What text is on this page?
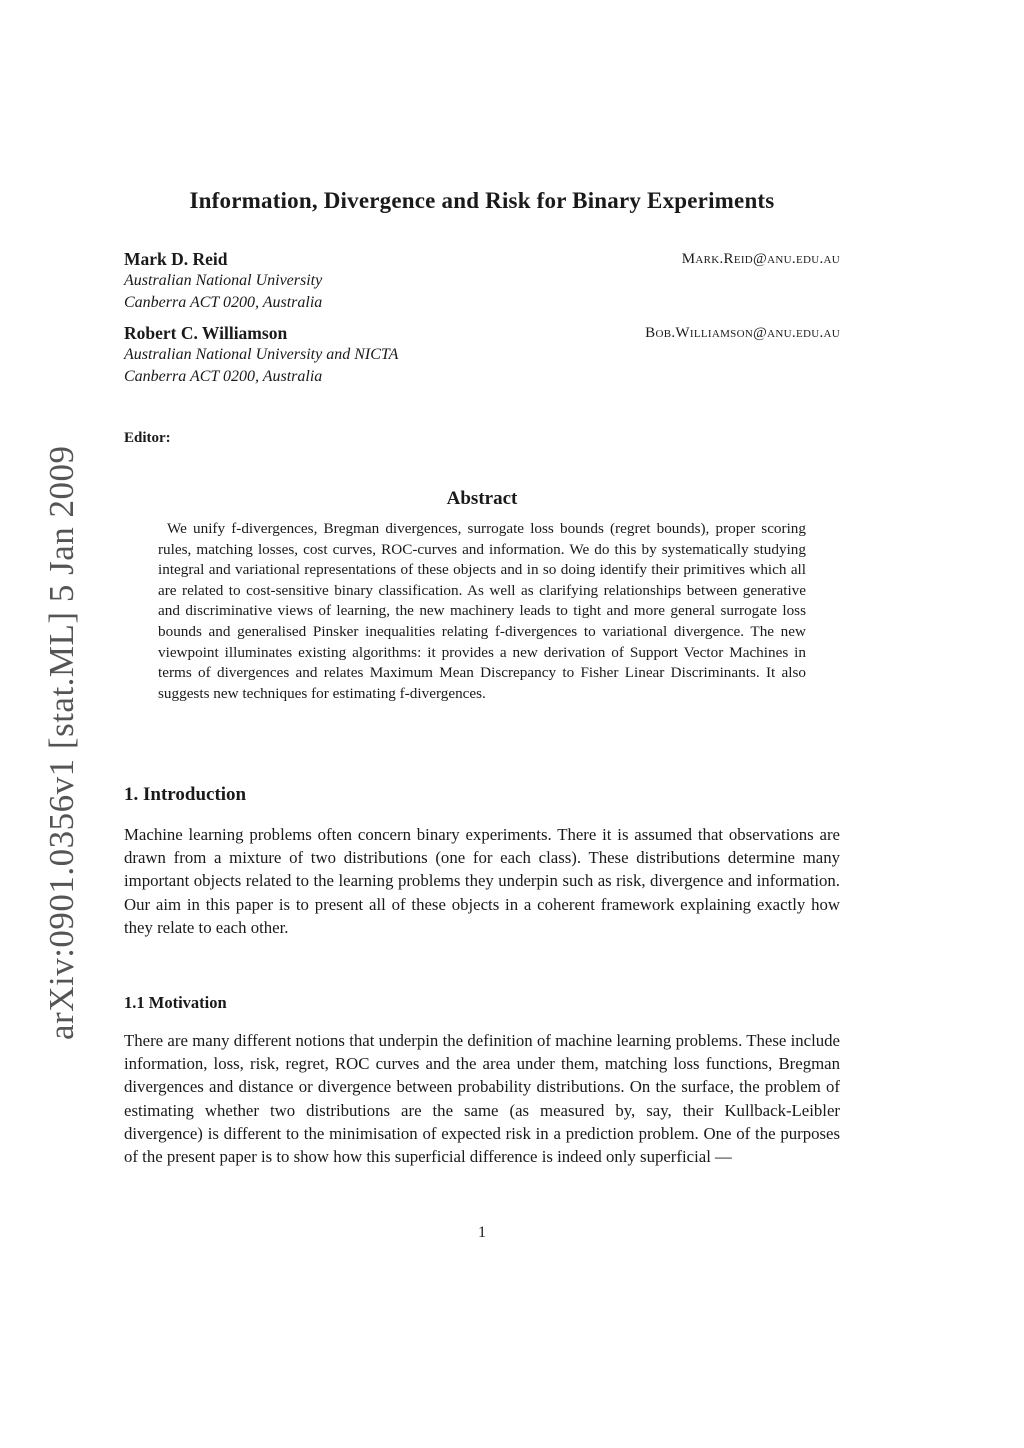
arXiv:0901.0356v1 [stat.ML] 5 Jan 2009
Information, Divergence and Risk for Binary Experiments
Mark D. Reid	Mark.Reid@anu.edu.au
Australian National University
Canberra ACT 0200, Australia
Robert C. Williamson	Bob.Williamson@anu.edu.au
Australian National University and NICTA
Canberra ACT 0200, Australia
Editor:
Abstract
We unify f-divergences, Bregman divergences, surrogate loss bounds (regret bounds), proper scoring rules, matching losses, cost curves, ROC-curves and information. We do this by systematically studying integral and variational representations of these objects and in so doing identify their primitives which all are related to cost-sensitive binary classification. As well as clarifying relationships between generative and discriminative views of learning, the new machinery leads to tight and more general surrogate loss bounds and generalised Pinsker inequalities relating f-divergences to variational divergence. The new viewpoint illuminates existing algorithms: it provides a new derivation of Support Vector Machines in terms of divergences and relates Maximum Mean Discrepancy to Fisher Linear Discriminants. It also suggests new techniques for estimating f-divergences.
1. Introduction
Machine learning problems often concern binary experiments. There it is assumed that observations are drawn from a mixture of two distributions (one for each class). These distributions determine many important objects related to the learning problems they underpin such as risk, divergence and information. Our aim in this paper is to present all of these objects in a coherent framework explaining exactly how they relate to each other.
1.1 Motivation
There are many different notions that underpin the definition of machine learning problems. These include information, loss, risk, regret, ROC curves and the area under them, matching loss functions, Bregman divergences and distance or divergence between probability distributions. On the surface, the problem of estimating whether two distributions are the same (as measured by, say, their Kullback-Leibler divergence) is different to the minimisation of expected risk in a prediction problem. One of the purposes of the present paper is to show how this superficial difference is indeed only superficial —
1
